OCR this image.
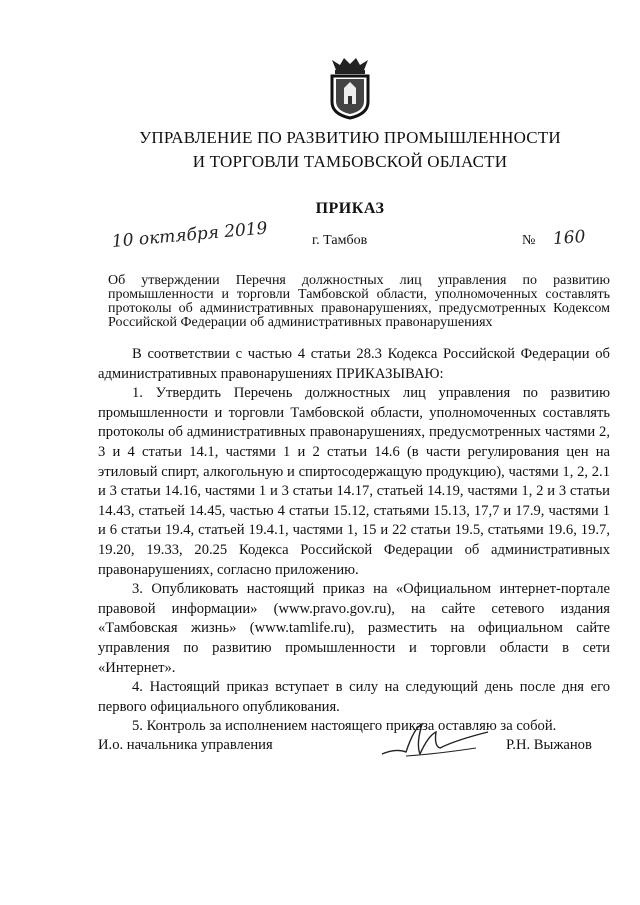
УПРАВЛЕНИЕ ПО РАЗВИТИЮ ПРОМЫШЛЕННОСТИ
И ТОРГОВЛИ ТАМБОВСКОЙ ОБЛАСТИ
ПРИКАЗ
10 октября 2019	г. Тамбов	№ 160
Об утверждении Перечня должностных лиц управления по развитию промышленности и торговли Тамбовской области, уполномоченных составлять протоколы об административных правонарушениях, предусмотренных Кодексом Российской Федерации об административных правонарушениях

В соответствии с частью 4 статьи 28.3 Кодекса Российской Федерации об административных правонарушениях ПРИКАЗЫВАЮ:

1. Утвердить Перечень должностных лиц управления по развитию промышленности и торговли Тамбовской области, уполномоченных составлять протоколы об административных правонарушениях, предусмотренных частями 2, 3 и 4 статьи 14.1, частями 1 и 2 статьи 14.6 (в части регулирования цен на этиловый спирт, алкогольную и спиртосодержащую продукцию), частями 1, 2, 2.1 и 3 статьи 14.16, частями 1 и 3 статьи 14.17, статьей 14.19, частями 1, 2 и 3 статьи 14.43, статьей 14.45, частью 4 статьи 15.12, статьями 15.13, 17,7 и 17.9, частями 1 и 6 статьи 19.4, статьей 19.4.1, частями 1, 15 и 22 статьи 19.5, статьями 19.6, 19.7, 19.20, 19.33, 20.25 Кодекса Российской Федерации об административных правонарушениях, согласно приложению.

3. Опубликовать настоящий приказ на «Официальном интернет-портале правовой информации» (www.pravo.gov.ru), на сайте сетевого издания «Тамбовская жизнь» (www.tamlife.ru), разместить на официальном сайте управления по развитию промышленности и торговли области в сети «Интернет».

4. Настоящий приказ вступает в силу на следующий день после дня его первого официального опубликования.

5. Контроль за исполнением настоящего приказа оставляю за собой.

И.о. начальника управления	Р.Н. Выжанов
